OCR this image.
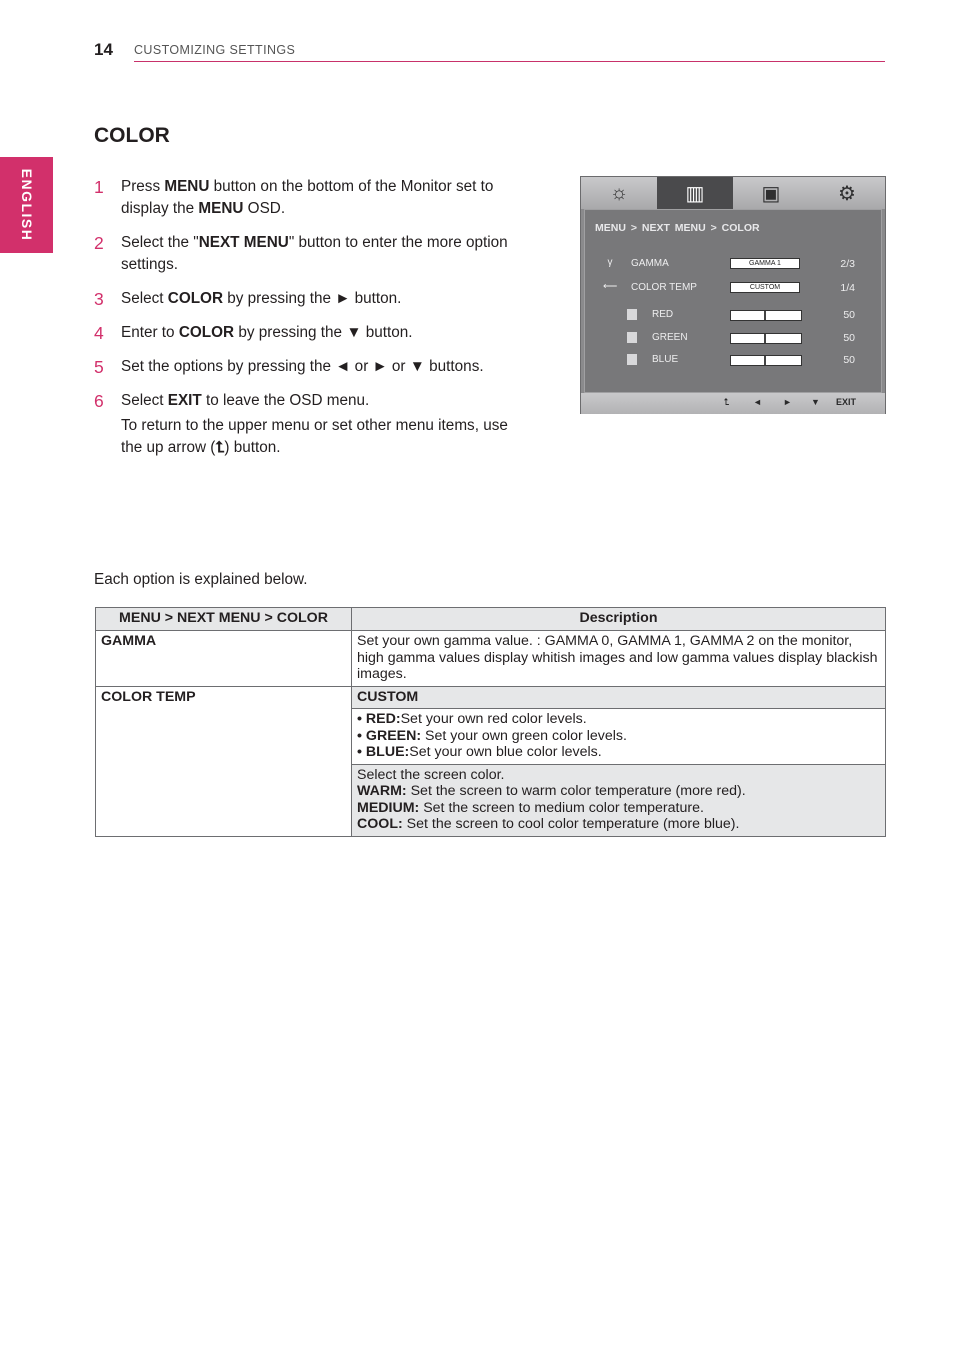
14 CUSTOMIZING SETTINGS
ENGLISH
COLOR
1	Press MENU button on the bottom of the Monitor set to display the MENU OSD.
2	Select the "NEXT MENU" button to enter the more option settings.
3	Select COLOR by pressing the ► button.
4	Enter to COLOR by pressing the ▼ button.
5	Set the options by pressing the ◄ or ► or ▼ buttons.
6	Select EXIT to leave the OSD menu.
To return to the upper menu or set other menu items, use the up arrow (⮤) button.
☼	▥	▣	⚙
MENU > NEXT MENU > COLOR
γ	GAMMA	GAMMA 1	2/3
⟵ COLOR TEMP	CUSTOM	1/4
RED	50
GREEN	50
BLUE	50
⮤	◄ ► ▼ EXIT
Each option is explained below.
MENU > NEXT MENU > COLOR	Description
GAMMA	Set your own gamma value. : GAMMA 0, GAMMA 1, GAMMA 2 on the monitor, high gamma values display whitish images and low gamma values display blackish images.
COLOR TEMP	CUSTOM

	• RED:Set your own red color levels.
• GREEN: Set your own green color levels.
• BLUE:Set your own blue color levels.

	Select the screen color.
WARM: Set the screen to warm color temperature (more red).
MEDIUM: Set the screen to medium color temperature.
COOL: Set the screen to cool color temperature (more blue).
